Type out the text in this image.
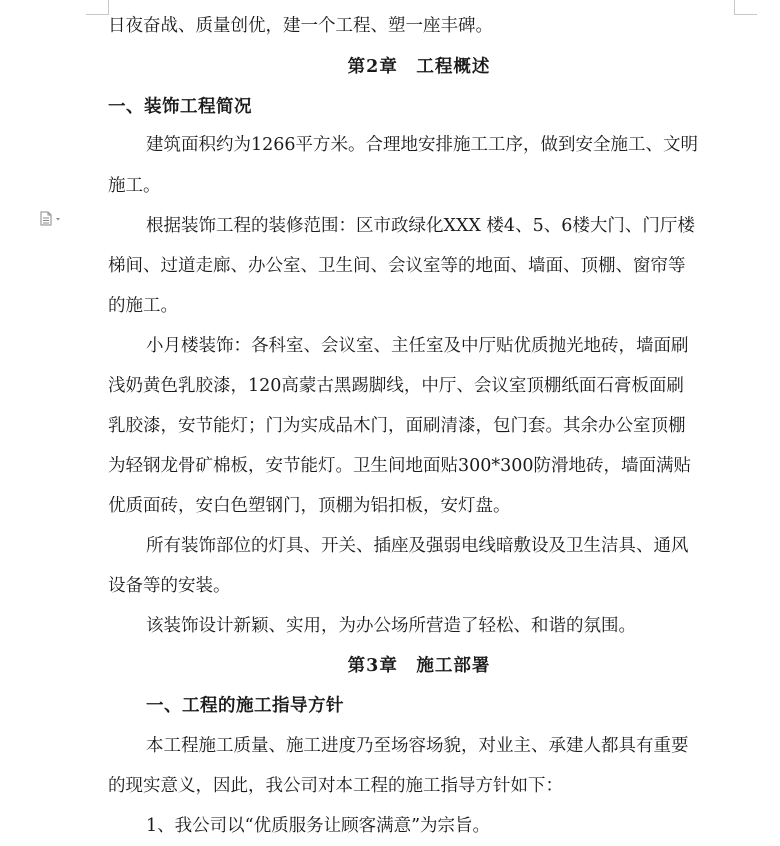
日夜奋战、质量创优，建一个工程、塑一座丰碑。
第2章　工程概述
一、装饰工程简况
建筑面积约为1266平方米。合理地安排施工工序，做到安全施工、文明
施工。
根据装饰工程的装修范围：区市政绿化XXX 楼4、5、6楼大门、门厅楼
梯间、过道走廊、办公室、卫生间、会议室等的地面、墙面、顶棚、窗帘等
的施工。
小月楼装饰：各科室、会议室、主任室及中厅贴优质抛光地砖，墙面刷
浅奶黄色乳胶漆，120高蒙古黑踢脚线，中厅、会议室顶棚纸面石膏板面刷
乳胶漆，安节能灯；门为实成品木门，面刷清漆，包门套。其余办公室顶棚
为轻钢龙骨矿棉板，安节能灯。卫生间地面贴300*300防滑地砖，墙面满贴
优质面砖，安白色塑钢门，顶棚为铝扣板，安灯盘。
所有装饰部位的灯具、开关、插座及强弱电线暗敷设及卫生洁具、通风
设备等的安装。
该装饰设计新颖、实用，为办公场所营造了轻松、和谐的氛围。
第3章　施工部署
一、工程的施工指导方针
本工程施工质量、施工进度乃至场容场貌，对业主、承建人都具有重要
的现实意义，因此，我公司对本工程的施工指导方针如下：
1、我公司以“优质服务让顾客满意”为宗旨。
